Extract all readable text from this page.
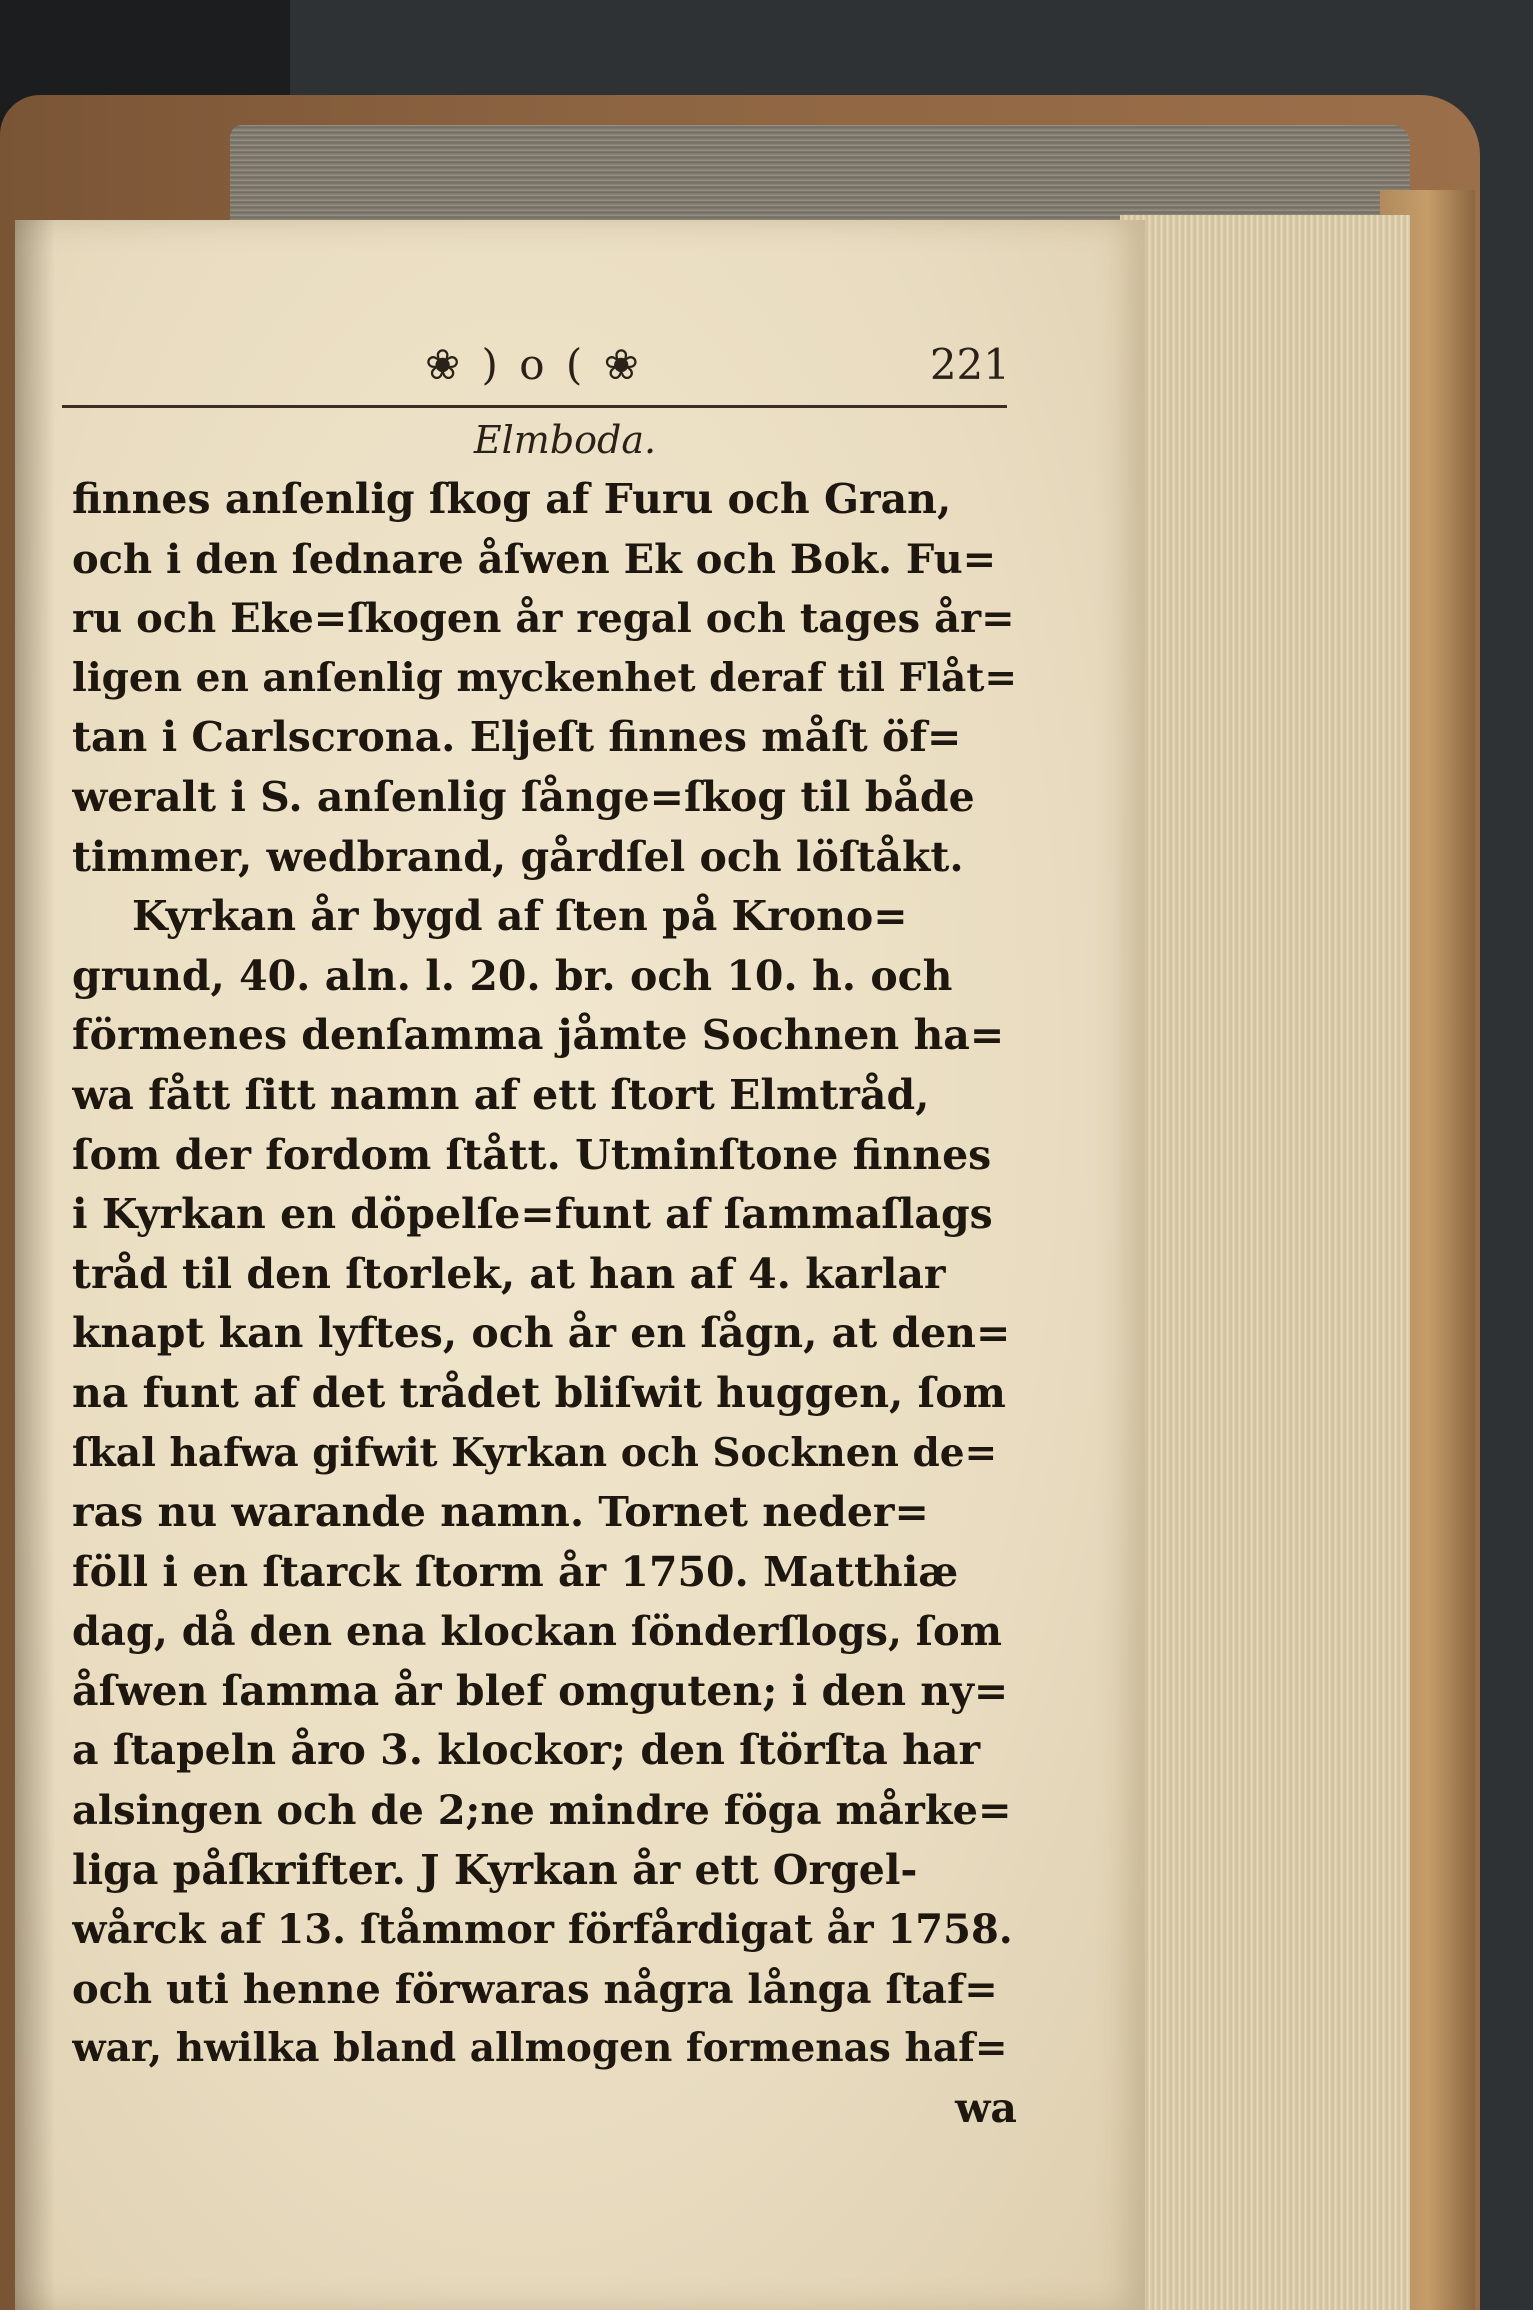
❀ ) o ( ❀	221
Elmboda.
finnes anſenlig ſkog af Furu och Gran,
och i den ſednare åſwen Ek och Bok. Fu=
ru och Eke=ſkogen år regal och tages år=
ligen en anſenlig myckenhet deraf til Flåt=
tan i Carlscrona. Eljeſt finnes måſt öf=
weralt i S. anſenlig ſånge=ſkog til både
timmer, wedbrand, gårdſel och löſtåkt.
Kyrkan år bygd af ſten på Krono=
grund, 40. aln. l. 20. br. och 10. h. och
förmenes denſamma jåmte Sochnen ha=
wa fått ſitt namn af ett ſtort Elmtråd,
ſom der fordom ſtått. Utminſtone finnes
i Kyrkan en döpelſe=funt af ſammaſlags
tråd til den ſtorlek, at han af 4. karlar
knapt kan lyftes, och år en ſågn, at den=
na funt af det trådet bliſwit huggen, ſom
ſkal hafwa gifwit Kyrkan och Socknen de=
ras nu warande namn. Tornet neder=
föll i en ſtarck ſtorm år 1750. Matthiæ
dag, då den ena klockan ſönderſlogs, ſom
åſwen ſamma år blef omguten; i den ny=
a ſtapeln åro 3. klockor; den ſtörſta har
alsingen och de 2;ne mindre föga mårke=
liga påſkrifter. J Kyrkan år ett Orgel-
wårck af 13. ſtåmmor förfårdigat år 1758.
och uti henne förwaras några långa ſtaf=
war, hwilka bland allmogen formenas haf=
wa
